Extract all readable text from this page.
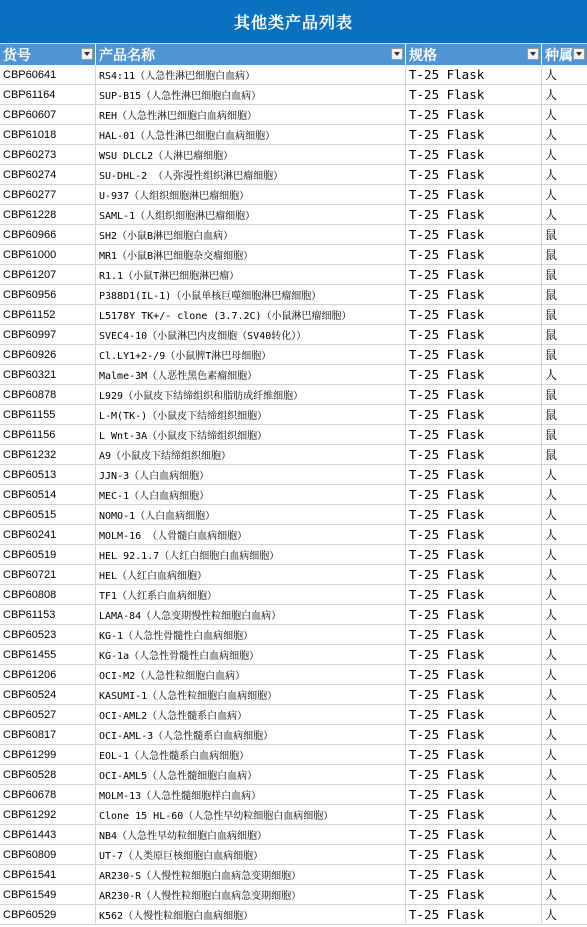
其他类产品列表
货号	产品名称	规格	种属
CBP60641	RS4:11（人急性淋巴细胞白血病）	T-25 Flask	人
CBP61164	SUP-B15（人急性淋巴细胞白血病）	T-25 Flask	人
CBP60607	REH（人急性淋巴细胞白血病细胞）	T-25 Flask	人
CBP61018	HAL-01（人急性淋巴细胞白血病细胞）	T-25 Flask	人
CBP60273	WSU DLCL2（人淋巴瘤细胞）	T-25 Flask	人
CBP60274	SU-DHL-2 （人弥漫性组织淋巴瘤细胞）	T-25 Flask	人
CBP60277	U-937（人组织细胞淋巴瘤细胞）	T-25 Flask	人
CBP61228	SAML-1（人组织细胞淋巴瘤细胞）	T-25 Flask	人
CBP60966	SH2（小鼠B淋巴细胞白血病）	T-25 Flask	鼠
CBP61000	MR1（小鼠B淋巴细胞杂交瘤细胞）	T-25 Flask	鼠
CBP61207	R1.1（小鼠T淋巴细胞淋巴瘤）	T-25 Flask	鼠
CBP60956	P388D1(IL-1)（小鼠单核巨噬细胞淋巴瘤细胞）	T-25 Flask	鼠
CBP61152	L5178Y TK+/- clone (3.7.2C)（小鼠淋巴瘤细胞）	T-25 Flask	鼠
CBP60997	SVEC4-10（小鼠淋巴内皮细胞（SV40转化））	T-25 Flask	鼠
CBP60926	Cl.LY1+2-/9（小鼠脾T淋巴母细胞）	T-25 Flask	鼠
CBP60321	Malme-3M（人恶性黑色素瘤细胞）	T-25 Flask	人
CBP60878	L929（小鼠皮下结缔组织和脂肪成纤维细胞）	T-25 Flask	鼠
CBP61155	L-M(TK-)（小鼠皮下结缔组织细胞）	T-25 Flask	鼠
CBP61156	L Wnt-3A（小鼠皮下结缔组织细胞）	T-25 Flask	鼠
CBP61232	A9（小鼠皮下结缔组织细胞）	T-25 Flask	鼠
CBP60513	JJN-3（人白血病细胞）	T-25 Flask	人
CBP60514	MEC-1（人白血病细胞）	T-25 Flask	人
CBP60515	NOMO-1（人白血病细胞）	T-25 Flask	人
CBP60241	MOLM-16 （人骨髓白血病细胞）	T-25 Flask	人
CBP60519	HEL 92.1.7（人红白细胞白血病细胞）	T-25 Flask	人
CBP60721	HEL（人红白血病细胞）	T-25 Flask	人
CBP60808	TF1（人红系白血病细胞）	T-25 Flask	人
CBP61153	LAMA-84（人急变期慢性粒细胞白血病）	T-25 Flask	人
CBP60523	KG-1（人急性骨髓性白血病细胞）	T-25 Flask	人
CBP61455	KG-1a（人急性骨髓性白血病细胞）	T-25 Flask	人
CBP61206	OCI-M2（人急性粒细胞白血病）	T-25 Flask	人
CBP60524	KASUMI-1（人急性粒细胞白血病细胞）	T-25 Flask	人
CBP60527	OCI-AML2（人急性髓系白血病）	T-25 Flask	人
CBP60817	OCI-AML-3（人急性髓系白血病细胞）	T-25 Flask	人
CBP61299	EOL-1（人急性髓系白血病细胞）	T-25 Flask	人
CBP60528	OCI-AML5（人急性髓细胞白血病）	T-25 Flask	人
CBP60678	MOLM-13（人急性髓细胞样白血病）	T-25 Flask	人
CBP61292	Clone 15 HL-60（人急性早幼粒细胞白血病细胞）	T-25 Flask	人
CBP61443	NB4（人急性早幼粒细胞白血病细胞）	T-25 Flask	人
CBP60809	UT-7（人类原巨核细胞白血病细胞）	T-25 Flask	人
CBP61541	AR230-S（人慢性粒细胞白血病急变期细胞）	T-25 Flask	人
CBP61549	AR230-R（人慢性粒细胞白血病急变期细胞）	T-25 Flask	人
CBP60529	K562（人慢性粒细胞白血病细胞）	T-25 Flask	人
